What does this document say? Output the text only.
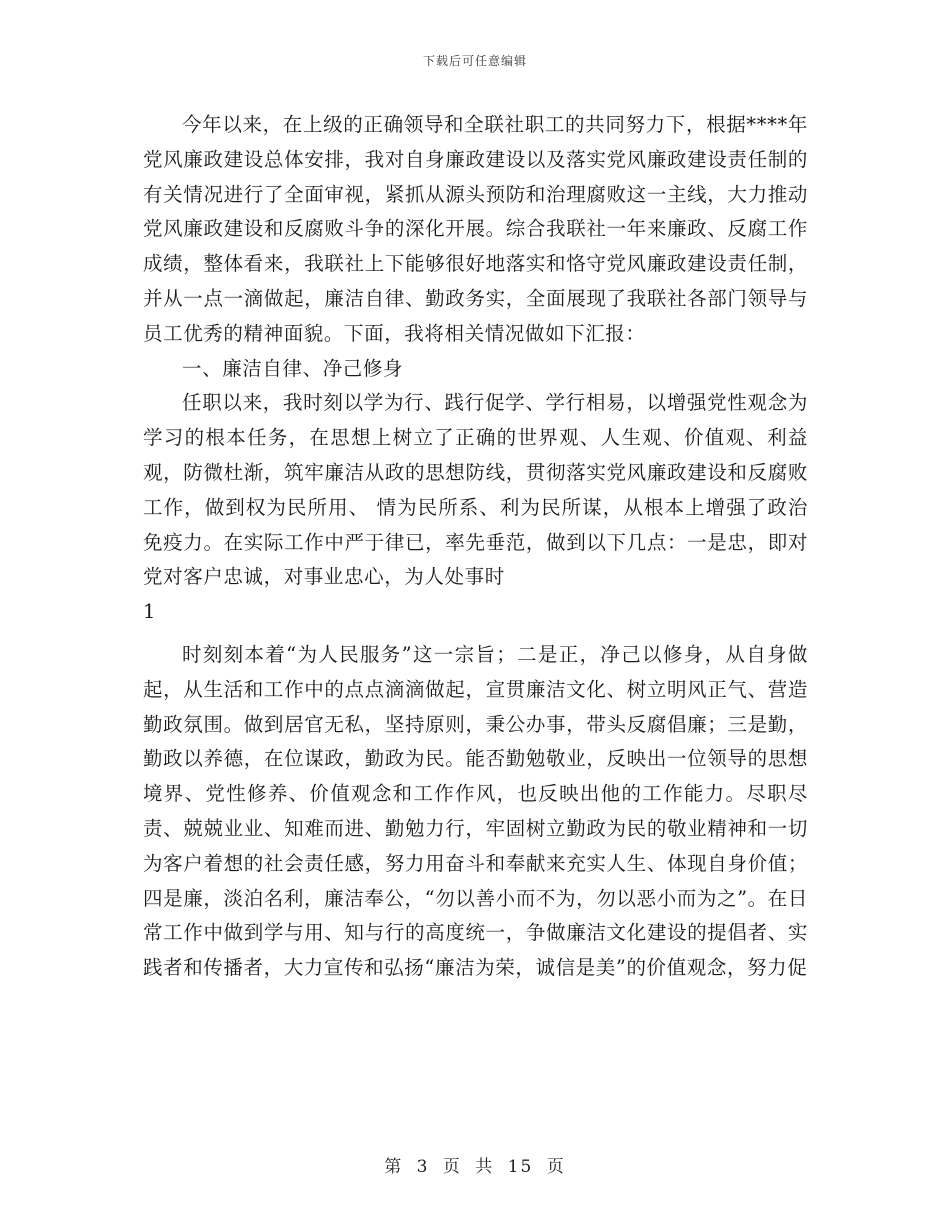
下载后可任意编辑

今年以来，在上级的正确领导和全联社职工的共同努力下，根据****年党风廉政建设总体安排，我对自身廉政建设以及落实党风廉政建设责任制的有关情况进行了全面审视，紧抓从源头预防和治理腐败这一主线，大力推动党风廉政建设和反腐败斗争的深化开展。综合我联社一年来廉政、反腐工作成绩，整体看来，我联社上下能够很好地落实和恪守党风廉政建设责任制，并从一点一滴做起，廉洁自律、勤政务实，全面展现了我联社各部门领导与员工优秀的精神面貌。下面，我将相关情况做如下汇报：

一、廉洁自律、净己修身

任职以来，我时刻以学为行、践行促学、学行相易，以增强党性观念为学习的根本任务，在思想上树立了正确的世界观、人生观、价值观、利益观，防微杜渐，筑牢廉洁从政的思想防线，贯彻落实党风廉政建设和反腐败工作，做到权为民所用、 情为民所系、利为民所谋，从根本上增强了政治免疫力。在实际工作中严于律已，率先垂范，做到以下几点：一是忠，即对党对客户忠诚，对事业忠心，为人处事时

1

时刻刻本着“为人民服务”这一宗旨；二是正，净己以修身，从自身做起，从生活和工作中的点点滴滴做起，宣贯廉洁文化、树立明风正气、营造勤政氛围。做到居官无私，坚持原则，秉公办事，带头反腐倡廉；三是勤，勤政以养德，在位谋政，勤政为民。能否勤勉敬业，反映出一位领导的思想境界、党性修养、价值观念和工作作风，也反映出他的工作能力。尽职尽责、兢兢业业、知难而进、勤勉力行，牢固树立勤政为民的敬业精神和一切为客户着想的社会责任感，努力用奋斗和奉献来充实人生、体现自身价值；四是廉，淡泊名利，廉洁奉公，“勿以善小而不为，勿以恶小而为之”。在日常工作中做到学与用、知与行的高度统一，争做廉洁文化建设的提倡者、实践者和传播者，大力宣传和弘扬“廉洁为荣，诚信是美”的价值观念，努力促

第 3 页 共 15 页
